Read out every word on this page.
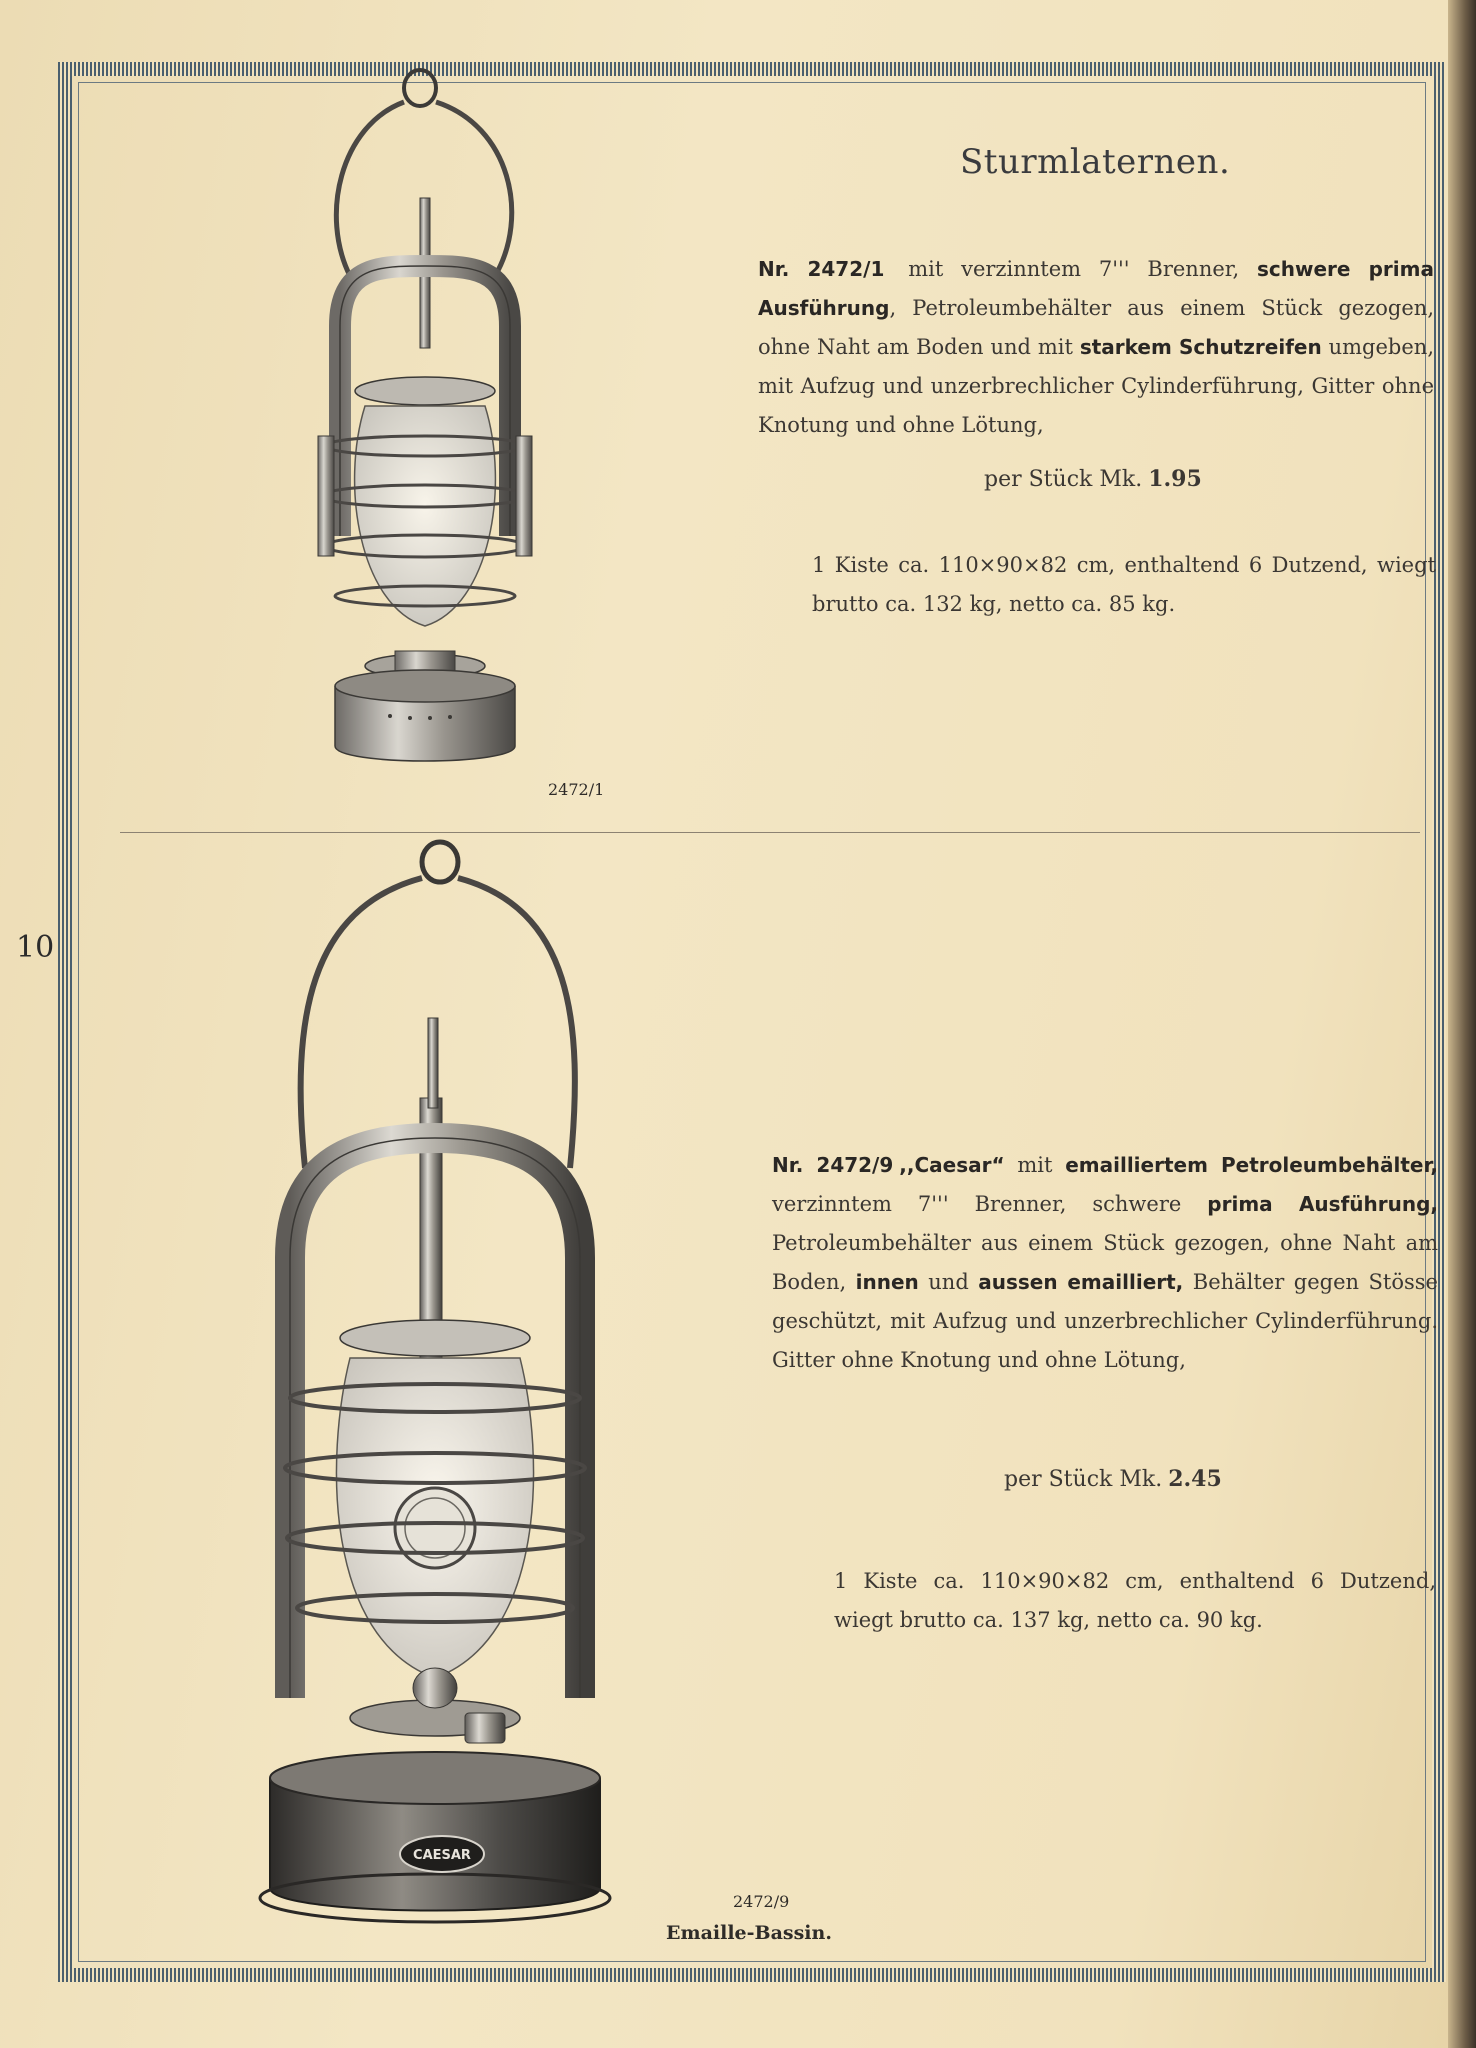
10
Sturmlaternen.
Nr. 2472/1 mit verzinntem 7''' Brenner, schwere prima Ausführung, Petroleumbehälter aus einem Stück gezogen, ohne Naht am Boden und mit starkem Schutzreifen umgeben, mit Aufzug und unzerbrechlicher Cylinderführung, Gitter ohne Knotung und ohne Lötung,
per Stück Mk. 1.95
1 Kiste ca. 110×90×82 cm, enthaltend 6 Dutzend, wiegt brutto ca. 132 kg, netto ca. 85 kg.
Nr. 2472/9 ,,Caesar“ mit emailliertem Petroleumbehälter, verzinntem 7''' Brenner, schwere prima Ausführung, Petroleumbehälter aus einem Stück gezogen, ohne Naht am Boden, innen und aussen emailliert, Behälter gegen Stösse geschützt, mit Aufzug und unzerbrechlicher Cylinderführung. Gitter ohne Knotung und ohne Lötung,
per Stück Mk. 2.45
1 Kiste ca. 110×90×82 cm, enthaltend 6 Dutzend, wiegt brutto ca. 137 kg, netto ca. 90 kg.
2472/1
CAESAR
2472/9
Emaille-Bassin.
